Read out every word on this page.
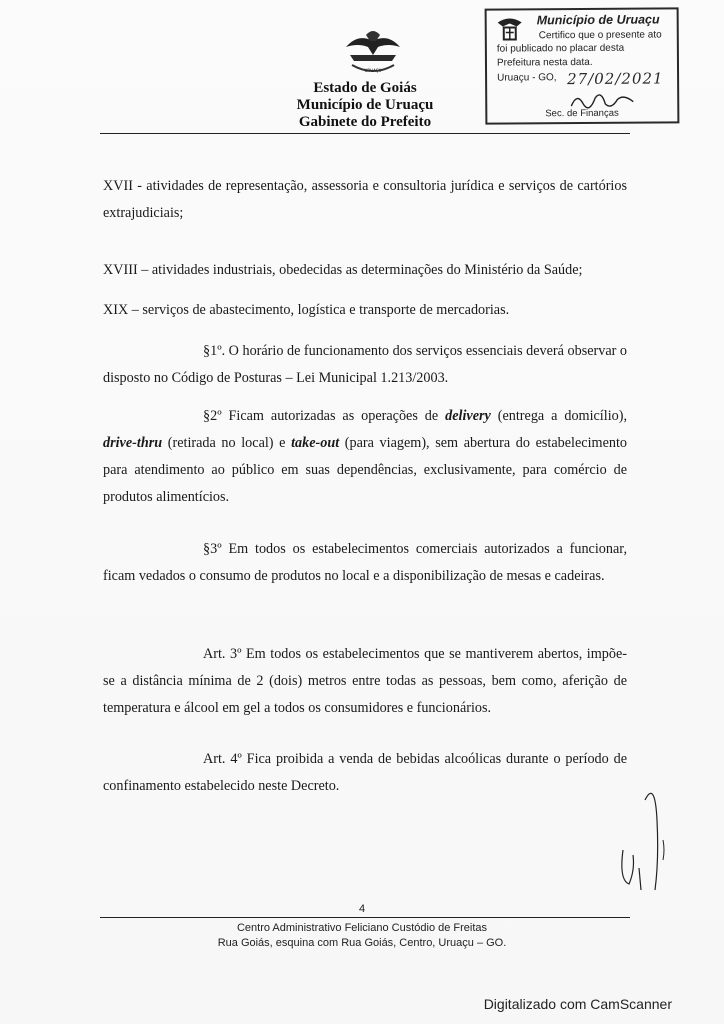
URUAÇU
Estado de Goiás
Município de Uruaçu
Gabinete do Prefeito
Município de Uruaçu
Certifico que o presente ato
foi publicado no placar desta
Prefeitura nesta data.
Uruaçu - GO, 27/02/2021
Sec. de Finanças
XVII - atividades de representação, assessoria e consultoria jurídica e serviços de cartórios extrajudiciais;
XVIII – atividades industriais, obedecidas as determinações do Ministério da Saúde;
XIX – serviços de abastecimento, logística e transporte de mercadorias.
§1º. O horário de funcionamento dos serviços essenciais deverá observar o disposto no Código de Posturas – Lei Municipal 1.213/2003.
§2º Ficam autorizadas as operações de delivery (entrega a domicílio), drive-thru (retirada no local) e take-out (para viagem), sem abertura do estabelecimento para atendimento ao público em suas dependências, exclusivamente, para comércio de produtos alimentícios.
§3º Em todos os estabelecimentos comerciais autorizados a funcionar, ficam vedados o consumo de produtos no local e a disponibilização de mesas e cadeiras.
Art. 3º Em todos os estabelecimentos que se mantiverem abertos, impõe-se a distância mínima de 2 (dois) metros entre todas as pessoas, bem como, aferição de temperatura e álcool em gel a todos os consumidores e funcionários.
Art. 4º Fica proibida a venda de bebidas alcoólicas durante o período de confinamento estabelecido neste Decreto.
4
Centro Administrativo Feliciano Custódio de Freitas
Rua Goiás, esquina com Rua Goiás, Centro, Uruaçu – GO.
Digitalizado com CamScanner
